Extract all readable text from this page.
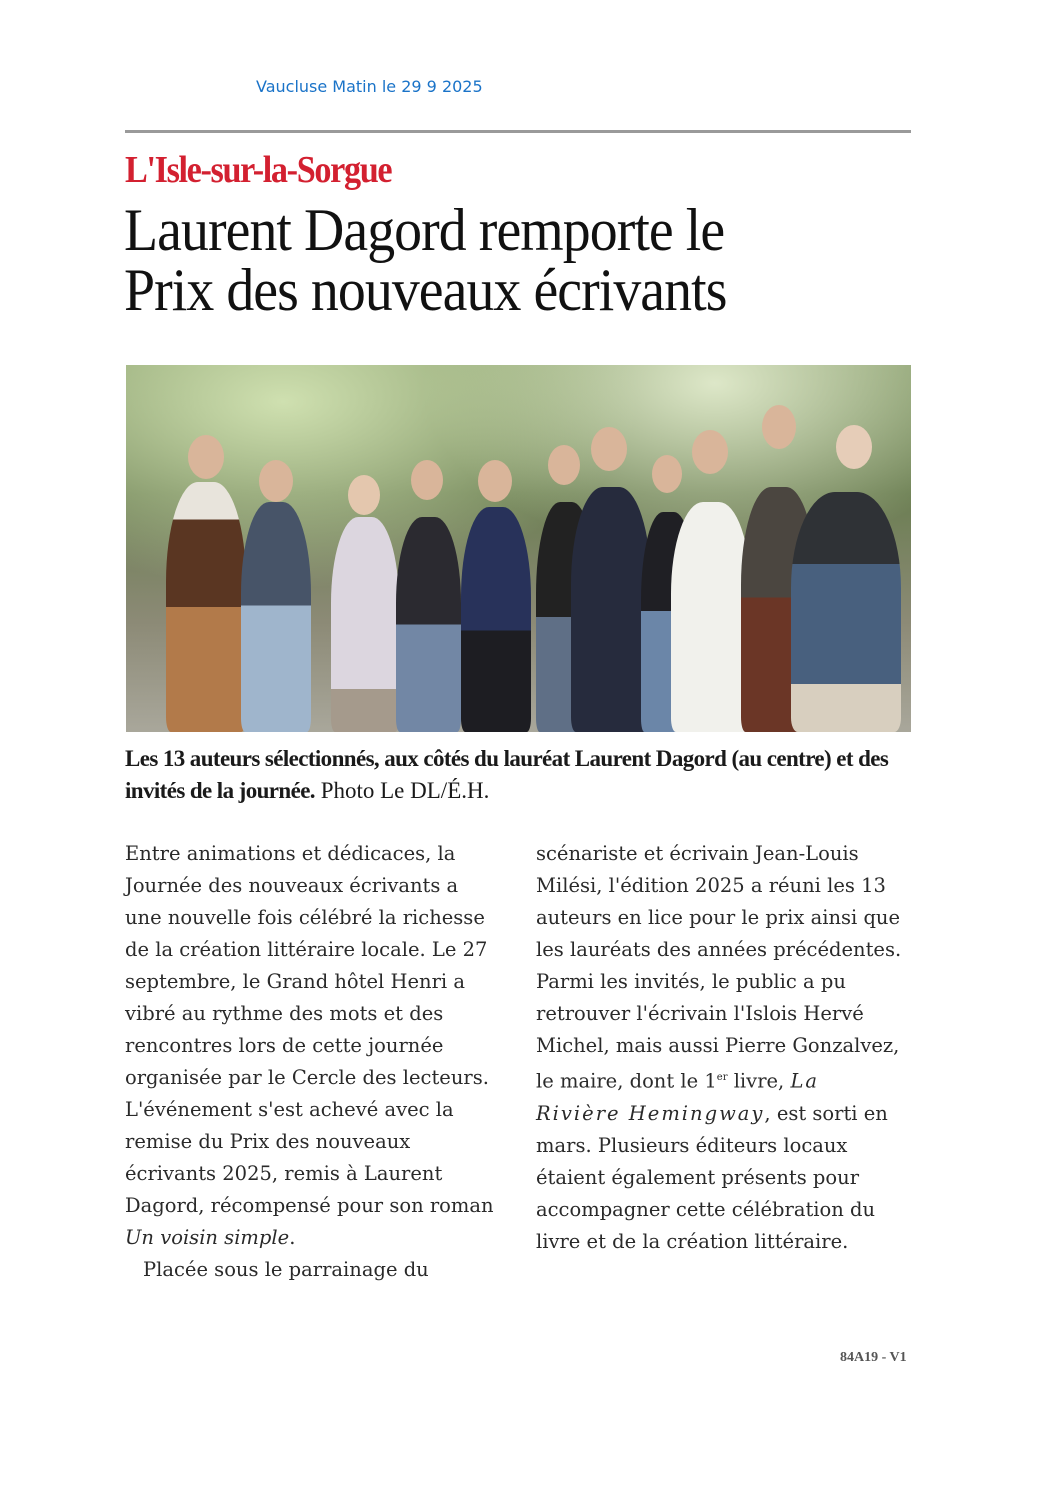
Vaucluse Matin le 29 9 2025
L'Isle-sur-la-Sorgue
Laurent Dagord remporte le
Prix des nouveaux écrivants
Les 13 auteurs sélectionnés, aux côtés du lauréat Laurent Dagord (au centre) et des invités de la journée. Photo Le DL/É.H.

Entre animations et dédicaces, la Journée des nouveaux écrivants a une nouvelle fois célébré la richesse de la création littéraire locale. Le 27 septembre, le Grand hôtel Henri a vibré au rythme des mots et des rencontres lors de cette journée organisée par le Cercle des lecteurs. L'événement s'est achevé avec la remise du Prix des nouveaux écrivants 2025, remis à Laurent Dagord, récompensé pour son roman Un voisin simple.

Placée sous le parrainage du

scénariste et écrivain Jean-Louis Milési, l'édition 2025 a réuni les 13 auteurs en lice pour le prix ainsi que les lauréats des années précédentes. Parmi les invités, le public a pu retrouver l'écrivain l'Islois Hervé Michel, mais aussi Pierre Gonzalvez, le maire, dont le 1er livre, La Rivière Hemingway, est sorti en mars. Plusieurs éditeurs locaux étaient également présents pour accompagner cette célébration du livre et de la création littéraire.

84A19 - V1
